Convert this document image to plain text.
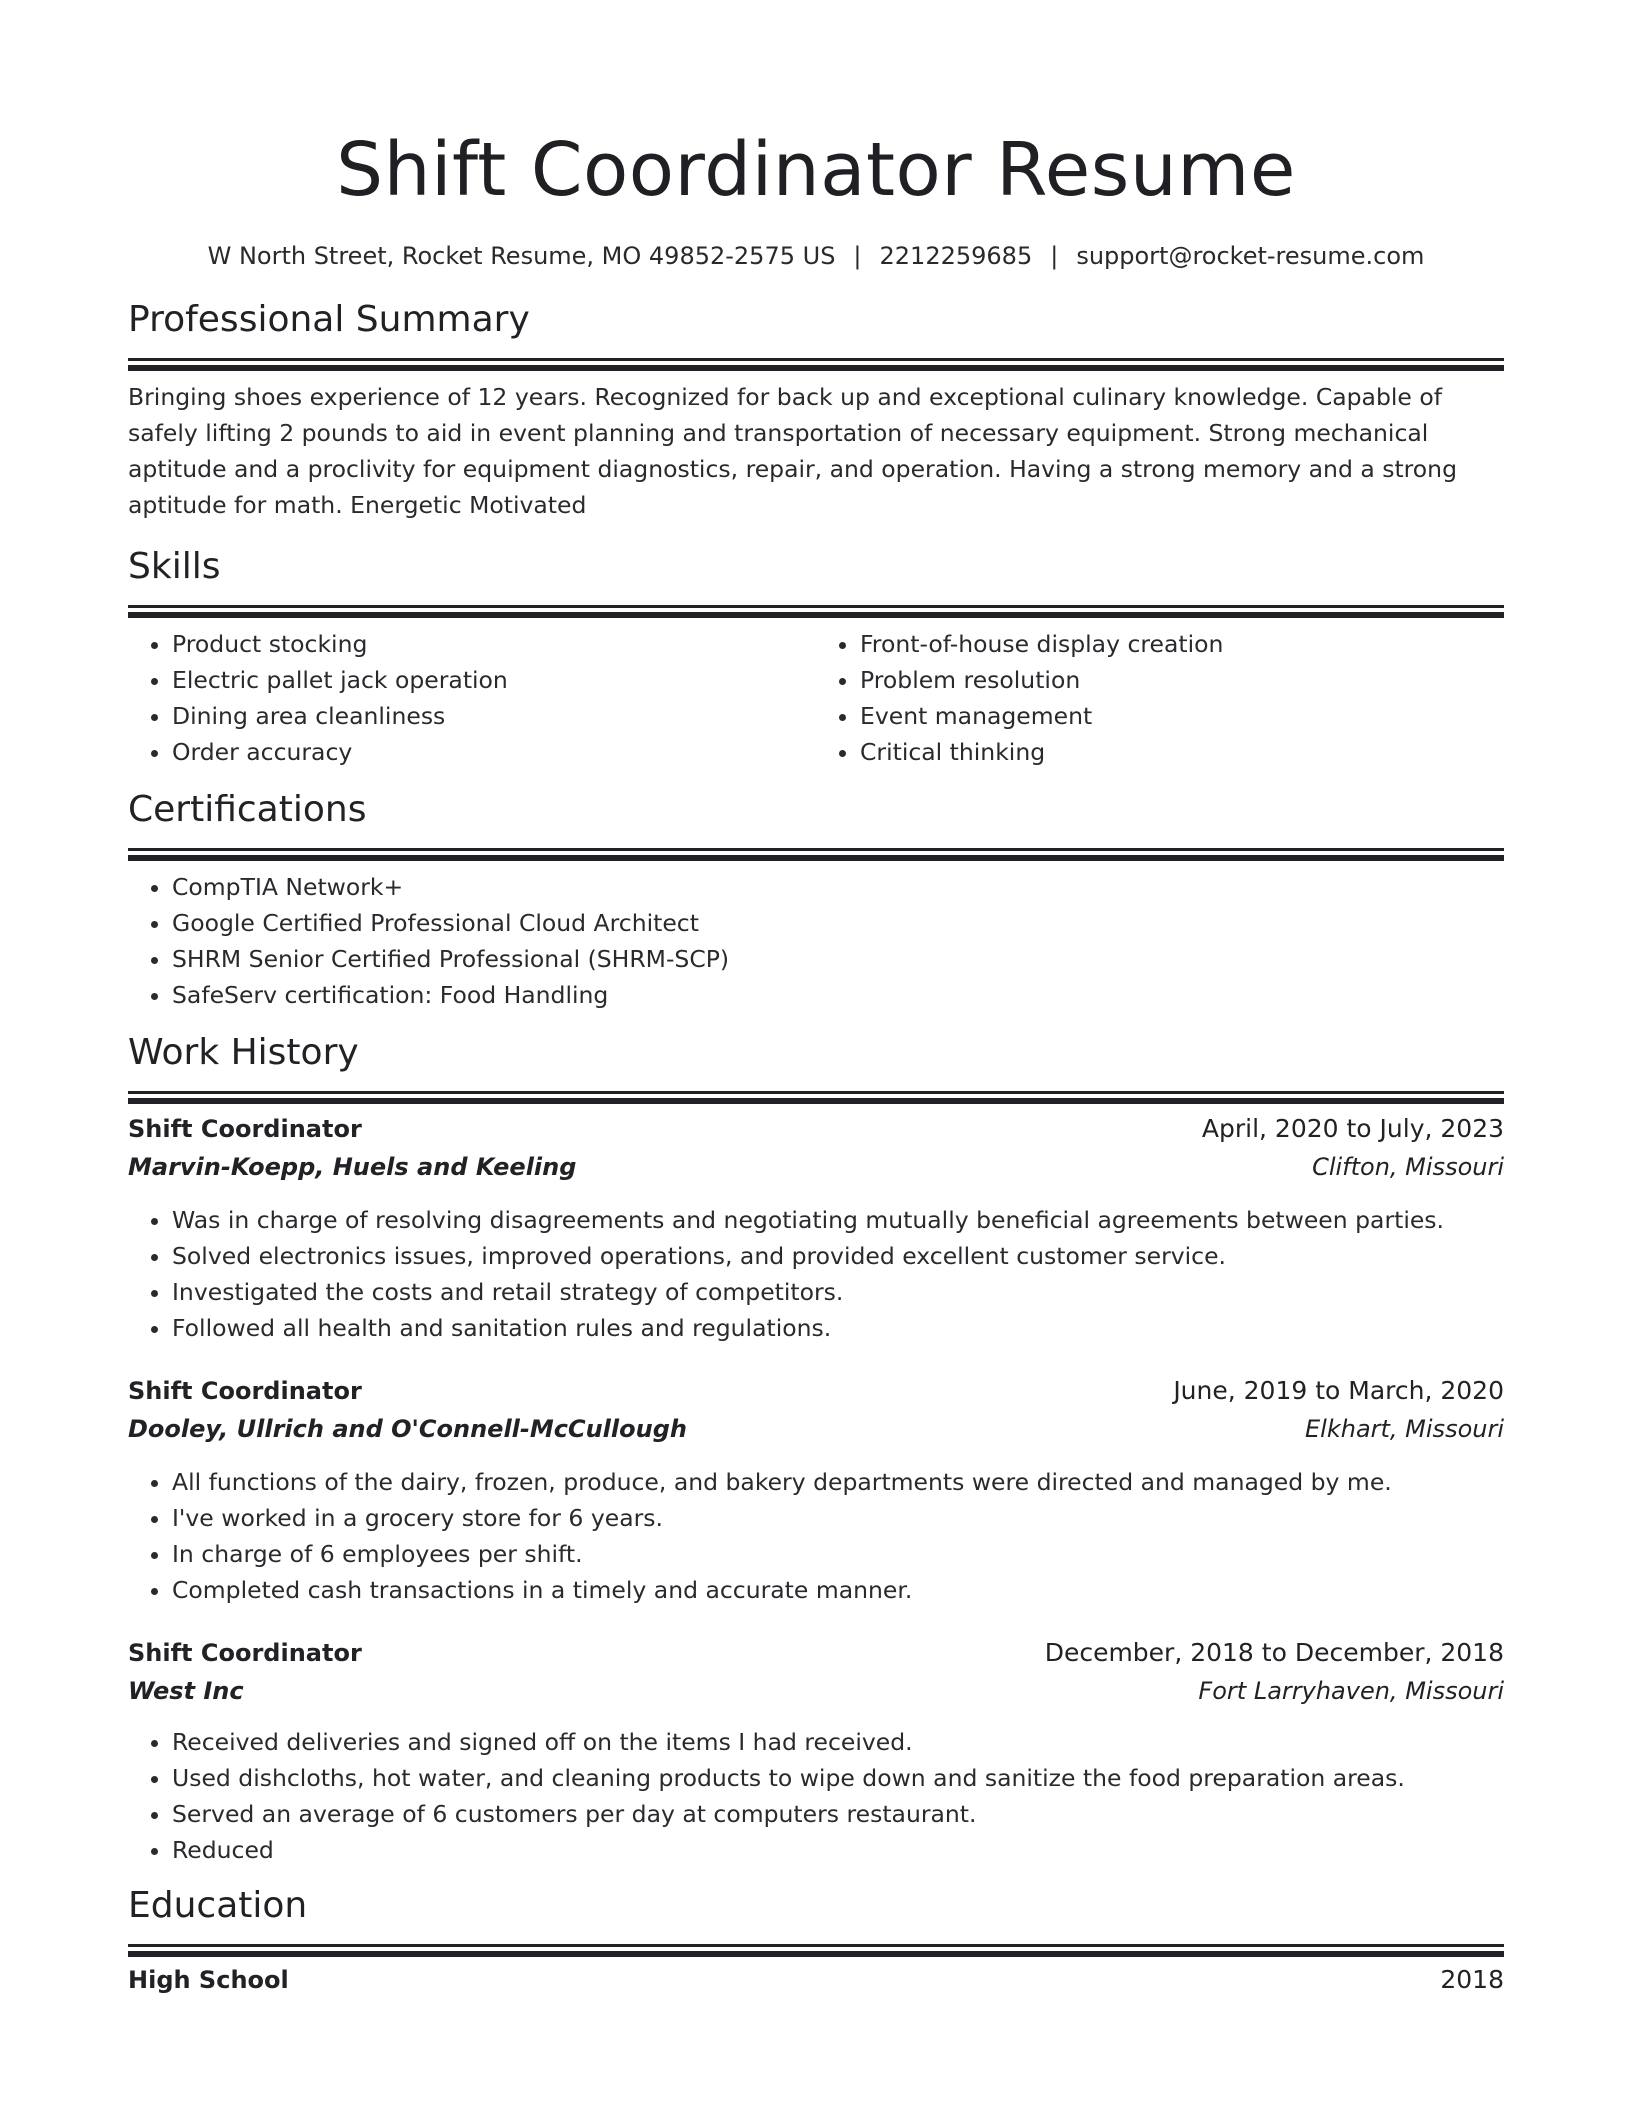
Shift Coordinator Resume
W North Street, Rocket Resume, MO 49852-2575 US | 2212259685 | support@rocket-resume.com
Professional Summary
Bringing shoes experience of 12 years. Recognized for back up and exceptional culinary knowledge. Capable of safely lifting 2 pounds to aid in event planning and transportation of necessary equipment. Strong mechanical aptitude and a proclivity for equipment diagnostics, repair, and operation. Having a strong memory and a strong aptitude for math. Energetic Motivated
Skills
• Product stocking
• Electric pallet jack operation
• Dining area cleanliness
• Order accuracy
• Front-of-house display creation
• Problem resolution
• Event management
• Critical thinking
Certifications
• CompTIA Network+
• Google Certified Professional Cloud Architect
• SHRM Senior Certified Professional (SHRM-SCP)
• SafeServ certification: Food Handling
Work History
Shift Coordinator	April, 2020 to July, 2023
Marvin-Koepp, Huels and Keeling	Clifton, Missouri
• Was in charge of resolving disagreements and negotiating mutually beneficial agreements between parties.
• Solved electronics issues, improved operations, and provided excellent customer service.
• Investigated the costs and retail strategy of competitors.
• Followed all health and sanitation rules and regulations.
Shift Coordinator	June, 2019 to March, 2020
Dooley, Ullrich and O'Connell-McCullough	Elkhart, Missouri
• All functions of the dairy, frozen, produce, and bakery departments were directed and managed by me.
• I've worked in a grocery store for 6 years.
• In charge of 6 employees per shift.
• Completed cash transactions in a timely and accurate manner.
Shift Coordinator	December, 2018 to December, 2018
West Inc	Fort Larryhaven, Missouri
• Received deliveries and signed off on the items I had received.
• Used dishcloths, hot water, and cleaning products to wipe down and sanitize the food preparation areas.
• Served an average of 6 customers per day at computers restaurant.
• Reduced
Education
High School	2018
